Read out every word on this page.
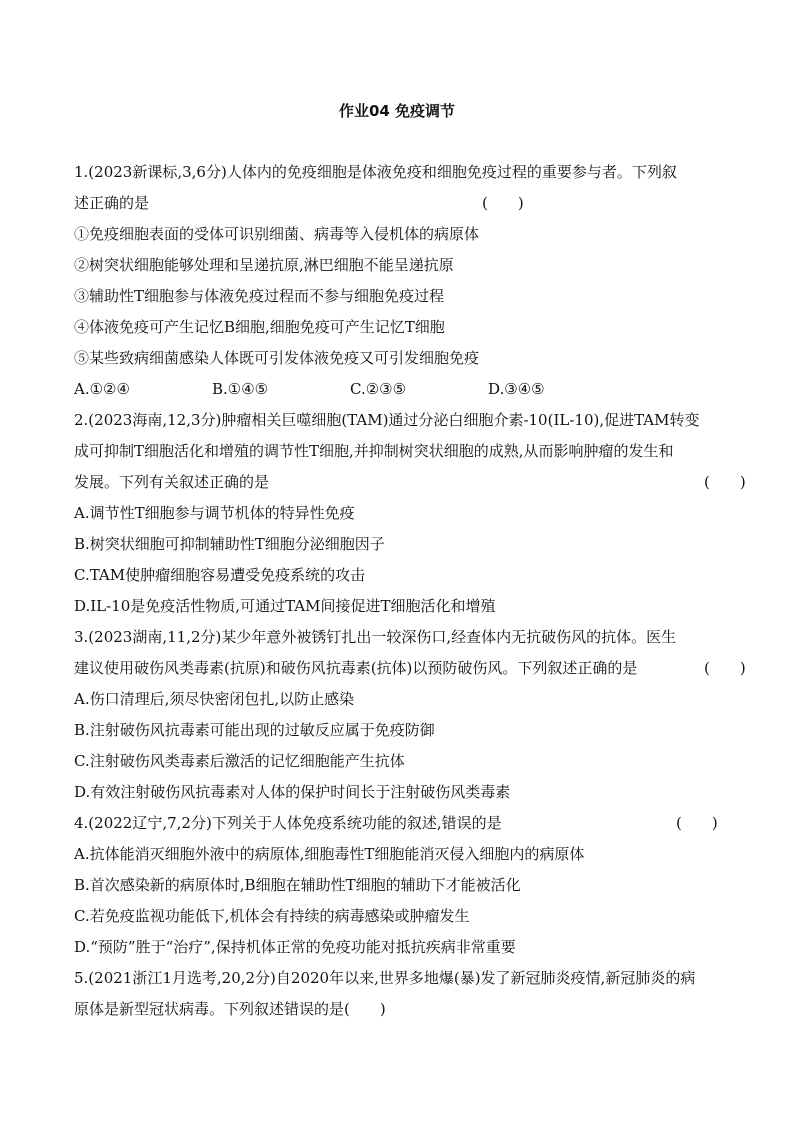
作业04 免疫调节
1.(2023新课标,3,6分)人体内的免疫细胞是体液免疫和细胞免疫过程的重要参与者。下列叙
述正确的是	(　　)
①免疫细胞表面的受体可识别细菌、病毒等入侵机体的病原体
②树突状细胞能够处理和呈递抗原,淋巴细胞不能呈递抗原
③辅助性T细胞参与体液免疫过程而不参与细胞免疫过程
④体液免疫可产生记忆B细胞,细胞免疫可产生记忆T细胞
⑤某些致病细菌感染人体既可引发体液免疫又可引发细胞免疫
A.①②④	B.①④⑤	C.②③⑤	D.③④⑤
2.(2023海南,12,3分)肿瘤相关巨噬细胞(TAM)通过分泌白细胞介素-10(IL-10),促进TAM转变
成可抑制T细胞活化和增殖的调节性T细胞,并抑制树突状细胞的成熟,从而影响肿瘤的发生和
发展。下列有关叙述正确的是	(　　)
A.调节性T细胞参与调节机体的特异性免疫
B.树突状细胞可抑制辅助性T细胞分泌细胞因子
C.TAM使肿瘤细胞容易遭受免疫系统的攻击
D.IL-10是免疫活性物质,可通过TAM间接促进T细胞活化和增殖
3.(2023湖南,11,2分)某少年意外被锈钉扎出一较深伤口,经查体内无抗破伤风的抗体。医生
建议使用破伤风类毒素(抗原)和破伤风抗毒素(抗体)以预防破伤风。下列叙述正确的是	(　　)
A.伤口清理后,须尽快密闭包扎,以防止感染
B.注射破伤风抗毒素可能出现的过敏反应属于免疫防御
C.注射破伤风类毒素后激活的记忆细胞能产生抗体
D.有效注射破伤风抗毒素对人体的保护时间长于注射破伤风类毒素
4.(2022辽宁,7,2分)下列关于人体免疫系统功能的叙述,错误的是	(　　)
A.抗体能消灭细胞外液中的病原体,细胞毒性T细胞能消灭侵入细胞内的病原体
B.首次感染新的病原体时,B细胞在辅助性T细胞的辅助下才能被活化
C.若免疫监视功能低下,机体会有持续的病毒感染或肿瘤发生
D.“预防”胜于“治疗”,保持机体正常的免疫功能对抵抗疾病非常重要
5.(2021浙江1月选考,20,2分)自2020年以来,世界多地爆(暴)发了新冠肺炎疫情,新冠肺炎的病
原体是新型冠状病毒。下列叙述错误的是(　　)
